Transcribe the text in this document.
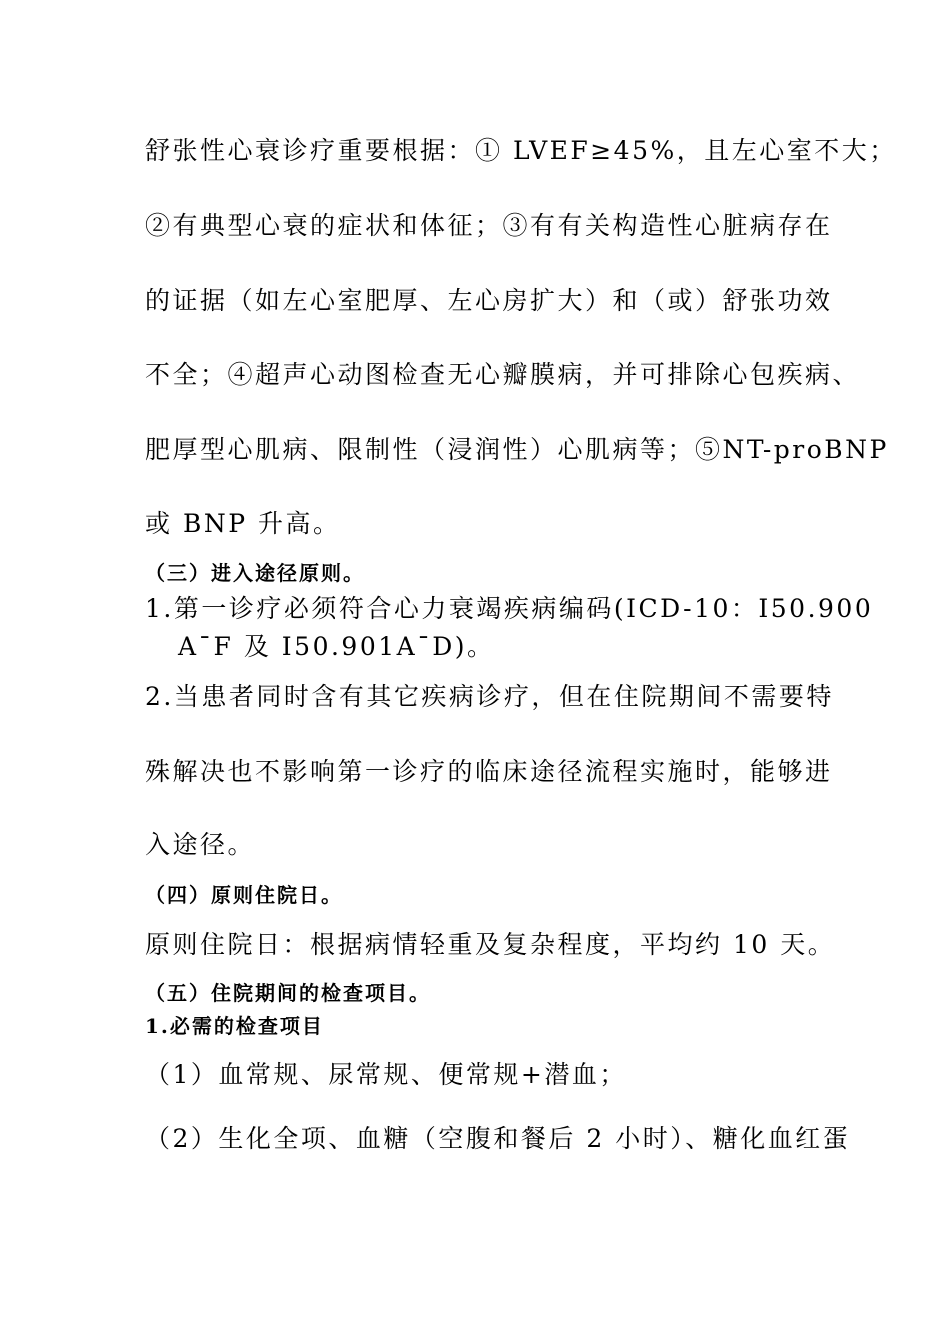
舒张性心衰诊疗重要根据：① LVEF≥45%，且左心室不大；
②有典型心衰的症状和体征；③有有关构造性心脏病存在
的证据（如左心室肥厚、左心房扩大）和（或）舒张功效
不全；④超声心动图检查无心瓣膜病，并可排除心包疾病、
肥厚型心肌病、限制性（浸润性）心肌病等；⑤NT-proBNP
或 BNP 升高。
（三）进入途径原则。
1.第一诊疗必须符合心力衰竭疾病编码(ICD-10：I50.900
A¯F 及 I50.901A¯D)。
2.当患者同时含有其它疾病诊疗，但在住院期间不需要特
殊解决也不影响第一诊疗的临床途径流程实施时，能够进
入途径。
（四）原则住院日。
原则住院日：根据病情轻重及复杂程度，平均约 10 天。
（五）住院期间的检查项目。
1.必需的检查项目
（1）血常规、尿常规、便常规+潜血；
（2）生化全项、血糖（空腹和餐后 2 小时）、糖化血红蛋
